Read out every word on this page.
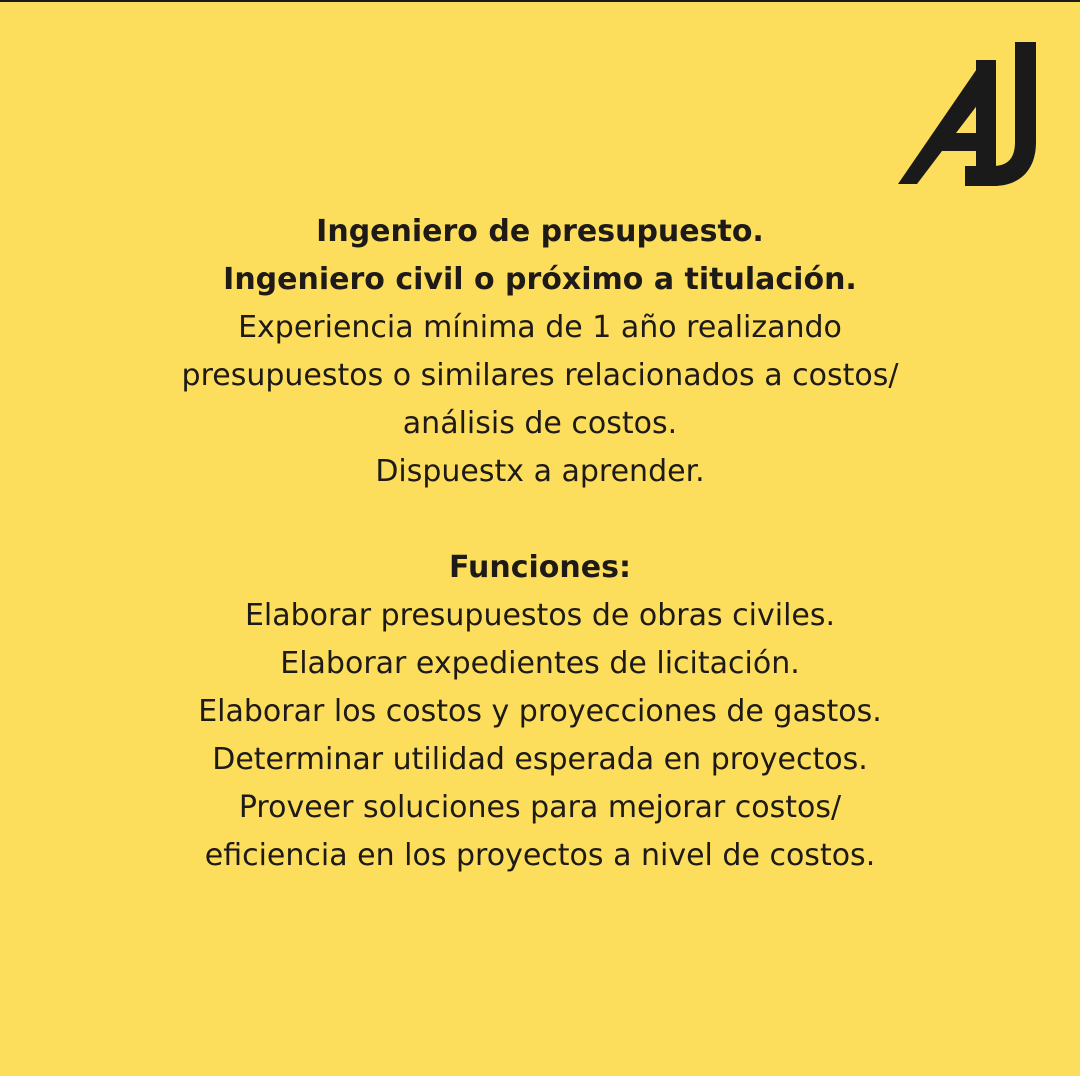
Ingeniero de presupuesto.
Ingeniero civil o próximo a titulación.
Experiencia mínima de 1 año realizando
presupuestos o similares relacionados a costos/
análisis de costos.
Dispuestx a aprender.
Funciones:
Elaborar presupuestos de obras civiles.
Elaborar expedientes de licitación.
Elaborar los costos y proyecciones de gastos.
Determinar utilidad esperada en proyectos.
Proveer soluciones para mejorar costos/
eficiencia en los proyectos a nivel de costos.
